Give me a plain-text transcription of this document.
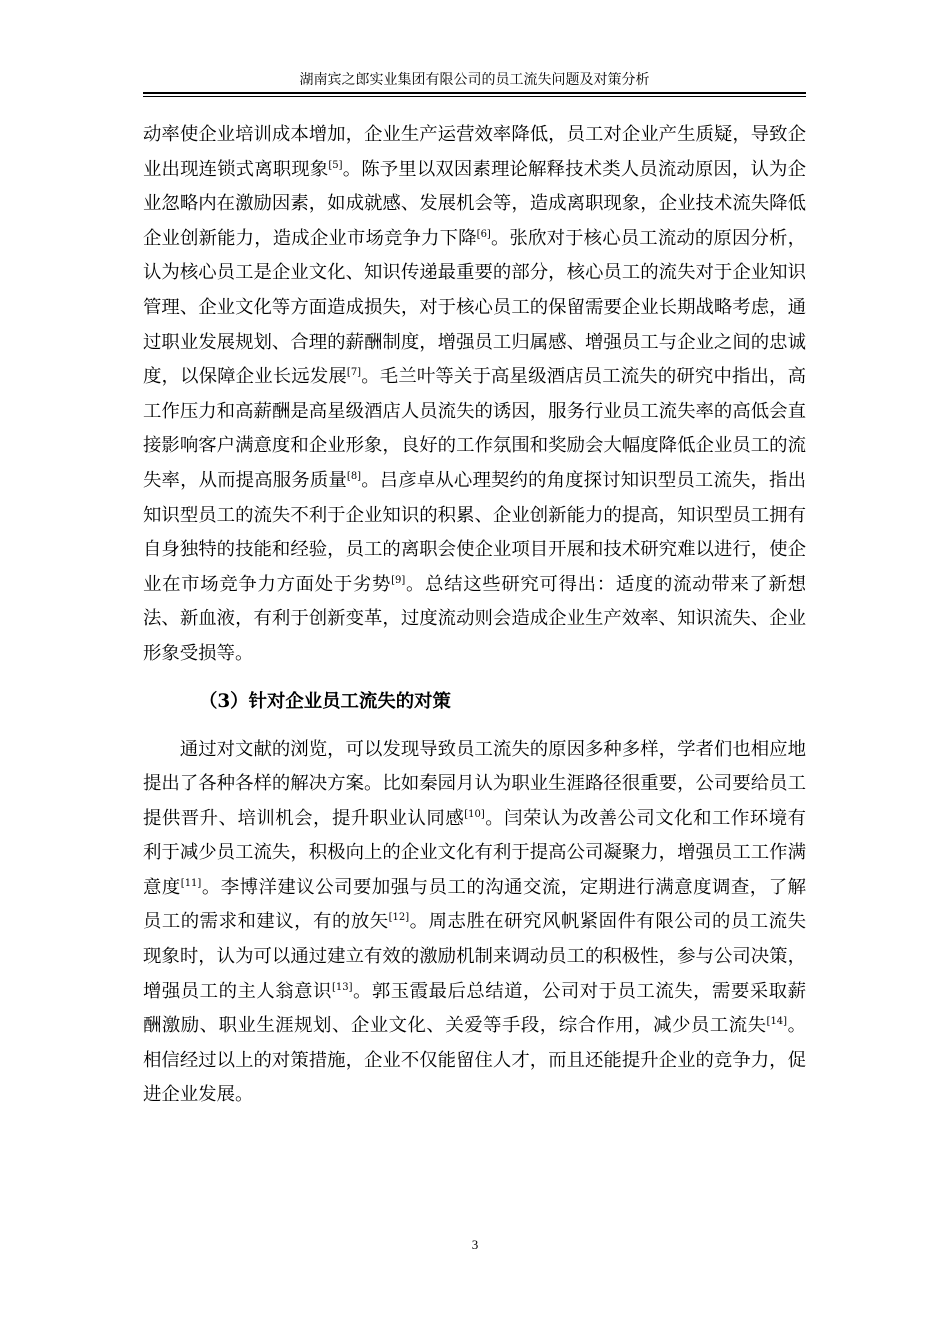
湖南宾之郎实业集团有限公司的员工流失问题及对策分析

动率使企业培训成本增加，企业生产运营效率降低，员工对企业产生质疑，导致企业出现连锁式离职现象[5]。陈予里以双因素理论解释技术类人员流动原因，认为企业忽略内在激励因素，如成就感、发展机会等，造成离职现象，企业技术流失降低企业创新能力，造成企业市场竞争力下降[6]。张欣对于核心员工流动的原因分析，认为核心员工是企业文化、知识传递最重要的部分，核心员工的流失对于企业知识管理、企业文化等方面造成损失，对于核心员工的保留需要企业长期战略考虑，通过职业发展规划、合理的薪酬制度，增强员工归属感、增强员工与企业之间的忠诚度，以保障企业长远发展[7]。毛兰叶等关于高星级酒店员工流失的研究中指出，高工作压力和高薪酬是高星级酒店人员流失的诱因，服务行业员工流失率的高低会直接影响客户满意度和企业形象，良好的工作氛围和奖励会大幅度降低企业员工的流失率，从而提高服务质量[8]。吕彦卓从心理契约的角度探讨知识型员工流失，指出知识型员工的流失不利于企业知识的积累、企业创新能力的提高，知识型员工拥有自身独特的技能和经验，员工的离职会使企业项目开展和技术研究难以进行，使企业在市场竞争力方面处于劣势[9]。总结这些研究可得出：适度的流动带来了新想法、新血液，有利于创新变革，过度流动则会造成企业生产效率、知识流失、企业形象受损等。

（3）针对企业员工流失的对策

通过对文献的浏览，可以发现导致员工流失的原因多种多样，学者们也相应地提出了各种各样的解决方案。比如秦园月认为职业生涯路径很重要，公司要给员工提供晋升、培训机会，提升职业认同感[10]。闫荣认为改善公司文化和工作环境有利于减少员工流失，积极向上的企业文化有利于提高公司凝聚力，增强员工工作满意度[11]。李博洋建议公司要加强与员工的沟通交流，定期进行满意度调查，了解员工的需求和建议，有的放矢[12]。周志胜在研究风帆紧固件有限公司的员工流失现象时，认为可以通过建立有效的激励机制来调动员工的积极性，参与公司决策，增强员工的主人翁意识[13]。郭玉霞最后总结道，公司对于员工流失，需要采取薪酬激励、职业生涯规划、企业文化、关爱等手段，综合作用，减少员工流失[14]。相信经过以上的对策措施，企业不仅能留住人才，而且还能提升企业的竞争力，促进企业发展。

3
